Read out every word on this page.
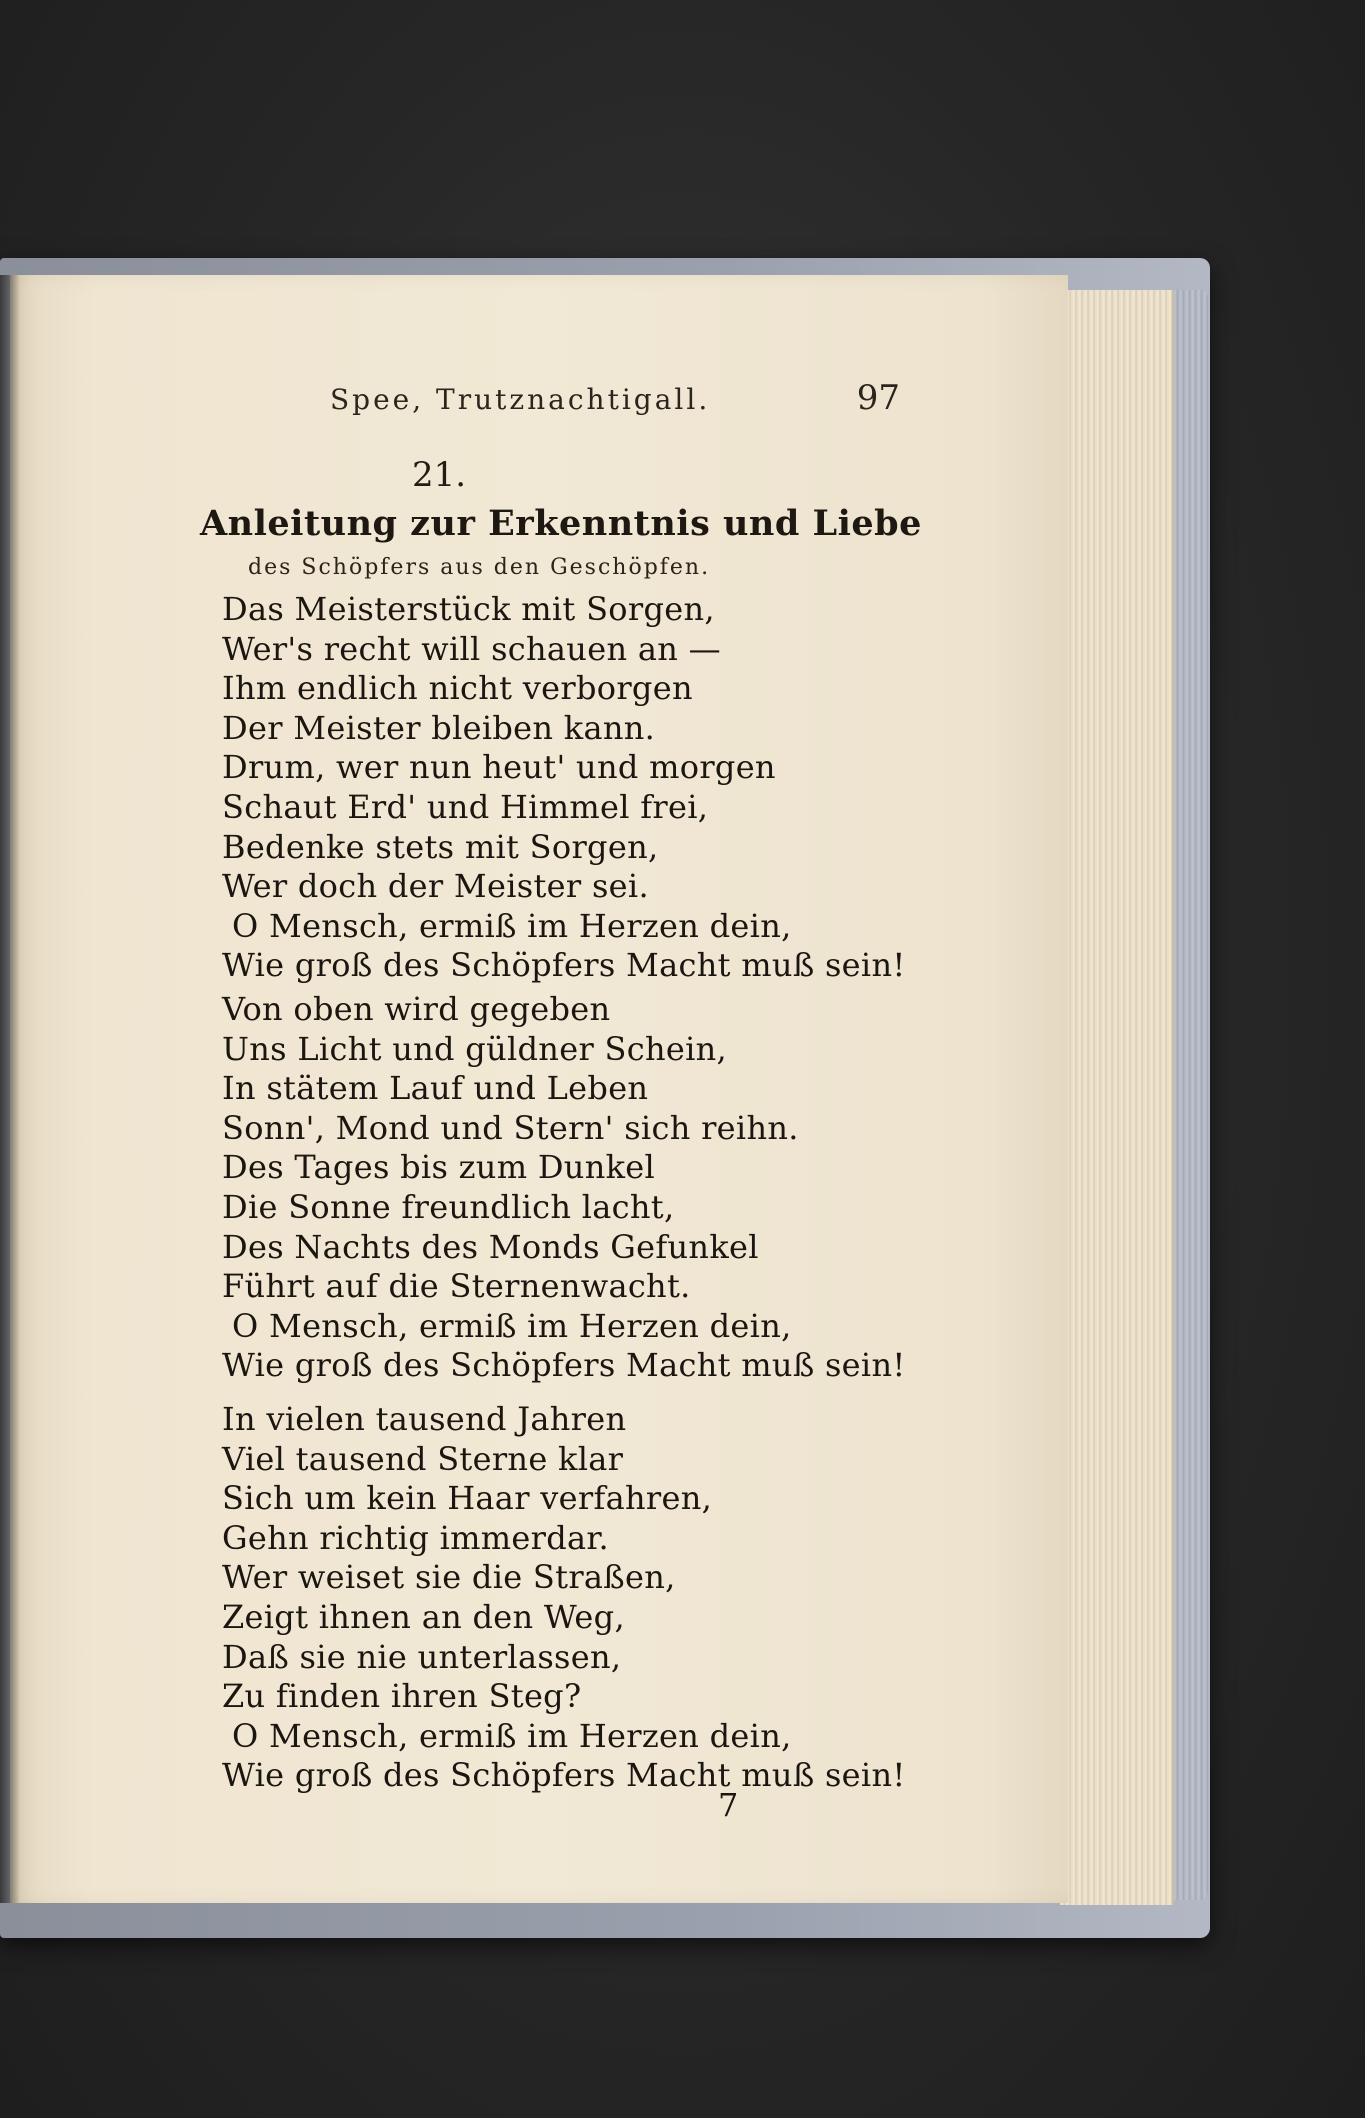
Spee, Trutznachtigall.	97
21.
Anleitung zur Erkenntnis und Liebe
des Schöpfers aus den Geschöpfen.
Das Meisterstück mit Sorgen,
Wer's recht will schauen an —
Ihm endlich nicht verborgen
Der Meister bleiben kann.
Drum, wer nun heut' und morgen
Schaut Erd' und Himmel frei,
Bedenke stets mit Sorgen,
Wer doch der Meister sei.
O Mensch, ermiß im Herzen dein,
Wie groß des Schöpfers Macht muß sein!
Von oben wird gegeben
Uns Licht und güldner Schein,
In stätem Lauf und Leben
Sonn', Mond und Stern' sich reihn.
Des Tages bis zum Dunkel
Die Sonne freundlich lacht,
Des Nachts des Monds Gefunkel
Führt auf die Sternenwacht.
O Mensch, ermiß im Herzen dein,
Wie groß des Schöpfers Macht muß sein!
In vielen tausend Jahren
Viel tausend Sterne klar
Sich um kein Haar verfahren,
Gehn richtig immerdar.
Wer weiset sie die Straßen,
Zeigt ihnen an den Weg,
Daß sie nie unterlassen,
Zu finden ihren Steg?
O Mensch, ermiß im Herzen dein,
Wie groß des Schöpfers Macht muß sein!
7
